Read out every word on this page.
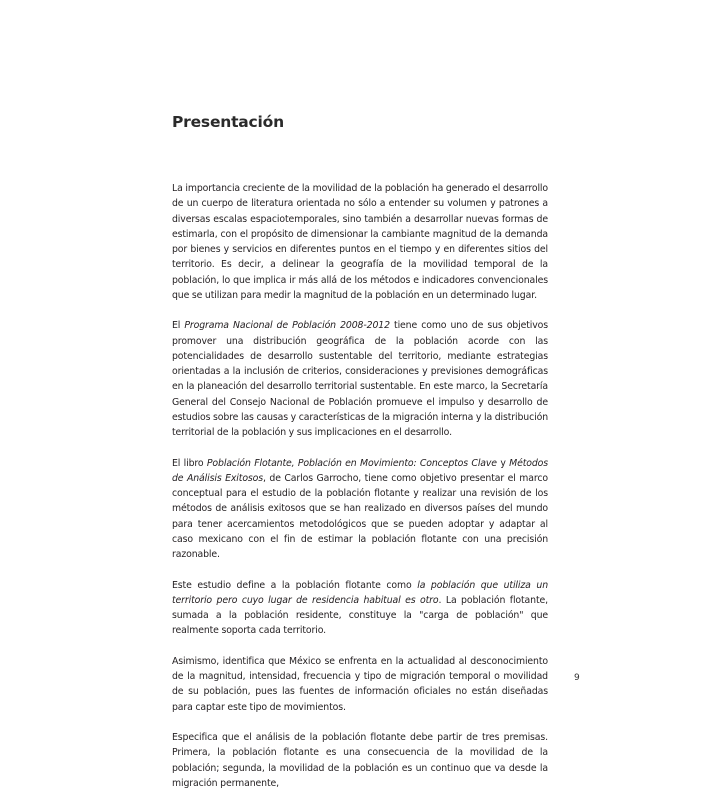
Presentación

La importancia creciente de la movilidad de la población ha generado el desarrollo de un cuerpo de literatura orientada no sólo a entender su volumen y patrones a diversas escalas espaciotemporales, sino también a desarrollar nuevas formas de estimarla, con el propósito de dimensionar la cambiante magnitud de la demanda por bienes y servicios en diferentes puntos en el tiempo y en diferentes sitios del territorio. Es decir, a delinear la geografía de la movilidad temporal de la población, lo que implica ir más allá de los métodos e indicadores convencionales que se utilizan para medir la magnitud de la población en un determinado lugar.

El Programa Nacional de Población 2008-2012 tiene como uno de sus objetivos promover una distribución geográfica de la población acorde con las potencialidades de desarrollo sustentable del territorio, mediante estrategias orientadas a la inclusión de criterios, consideraciones y previsiones demográficas en la planeación del desarrollo territorial sustentable. En este marco, la Secretaría General del Consejo Nacional de Población promueve el impulso y desarrollo de estudios sobre las causas y características de la migración interna y la distribución territorial de la población y sus implicaciones en el desarrollo.

El libro Población Flotante, Población en Movimiento: Conceptos Clave y Métodos de Análisis Exitosos, de Carlos Garrocho, tiene como objetivo presentar el marco conceptual para el estudio de la población flotante y realizar una revisión de los métodos de análisis exitosos que se han realizado en diversos países del mundo para tener acercamientos metodológicos que se pueden adoptar y adaptar al caso mexicano con el fin de estimar la población flotante con una precisión razonable.

Este estudio define a la población flotante como la población que utiliza un territorio pero cuyo lugar de residencia habitual es otro. La población flotante, sumada a la población residente, constituye la "carga de población" que realmente soporta cada territorio.

Asimismo, identifica que México se enfrenta en la actualidad al desconocimiento de la magnitud, intensidad, frecuencia y tipo de migración temporal o movilidad de su población, pues las fuentes de información oficiales no están diseñadas para captar este tipo de movimientos.

Especifica que el análisis de la población flotante debe partir de tres premisas. Primera, la población flotante es una consecuencia de la movilidad de la población; segunda, la movilidad de la población es un continuo que va desde la migración permanente,

9
